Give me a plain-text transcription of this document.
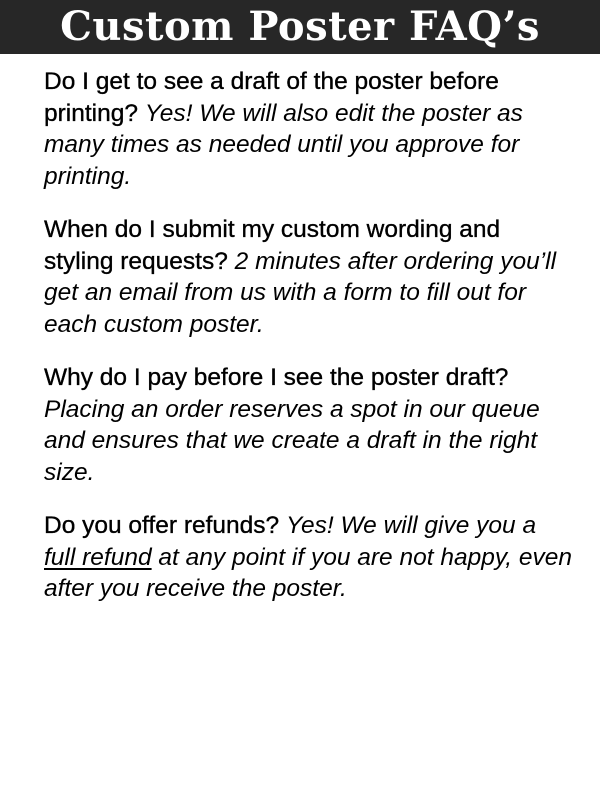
Custom Poster FAQ’s

Do I get to see a draft of the poster before printing? Yes! We will also edit the poster as many times as needed until you approve for printing.

When do I submit my custom wording and styling requests? 2 minutes after ordering you’ll get an email from us with a form to fill out for each custom poster.

Why do I pay before I see the poster draft? Placing an order reserves a spot in our queue and ensures that we create a draft in the right size.

Do you offer refunds? Yes! We will give you a full refund at any point if you are not happy, even after you receive the poster.
